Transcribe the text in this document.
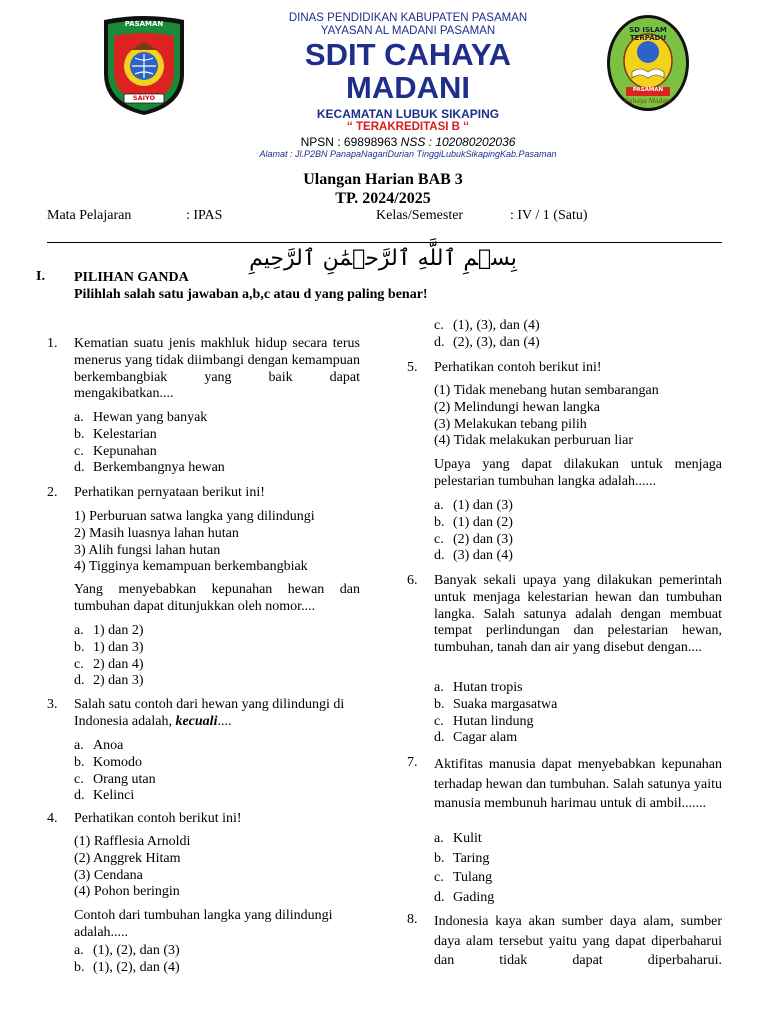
PASAMAN
SAIYO
SD ISLAM TERPADU
PASAMAN
Cahaya Madani
DINAS PENDIDIKAN KABUPATEN PASAMAN
YAYASAN AL MADANI PASAMAN
SDIT CAHAYA
MADANI
KECAMATAN LUBUK SIKAPING
‘‘ TERAKREDITASI B ‘‘
NPSN : 69898963 NSS : 102080202036
Alamat : Jl.P2BN PanapaNagariDurian TinggiLubukSikapingKab.Pasaman
Ulangan Harian BAB 3
TP. 2024/2025
Mata Pelajaran	: IPAS	Kelas/Semester	: IV / 1 (Satu)
بِسۡمِ ٱللَّهِ ٱلرَّحۡمَٰنِ ٱلرَّحِيمِ
I. PILIHAN GANDA
Pilihlah salah satu jawaban a,b,c atau d yang paling benar!
1.	Kematian suatu jenis makhluk hidup secara terus menerus yang tidak diimbangi dengan kemampuan berkembangbiak yang baik dapat mengakibatkan....
a. Hewan yang banyak
b. Kelestarian
c. Kepunahan
d. Berkembangnya hewan
2.	Perhatikan pernyataan berikut ini!
1) Perburuan satwa langka yang dilindungi
2) Masih luasnya lahan hutan
3) Alih fungsi lahan hutan
4) Tigginya kemampuan berkembangbiak
Yang menyebabkan kepunahan hewan dan tumbuhan dapat ditunjukkan oleh nomor....
a. 1) dan 2)
b. 1) dan 3)
c. 2) dan 4)
d. 2) dan 3)
3.	Salah satu contoh dari hewan yang dilindungi di Indonesia adalah, kecuali....
a. Anoa
b. Komodo
c. Orang utan
d. Kelinci
4.	Perhatikan contoh berikut ini!
(1) Rafflesia Arnoldi
(2) Anggrek Hitam
(3) Cendana
(4) Pohon beringin
Contoh dari tumbuhan langka yang dilindungi adalah.....
a. (1), (2), dan (3)
b. (1), (2), dan (4)
c. (1), (3), dan (4)
d. (2), (3), dan (4)
5.	Perhatikan contoh berikut ini!
(1) Tidak menebang hutan sembarangan
(2) Melindungi hewan langka
(3) Melakukan tebang pilih
(4) Tidak melakukan perburuan liar
Upaya yang dapat dilakukan untuk menjaga pelestarian tumbuhan langka adalah......
a. (1) dan (3)
b. (1) dan (2)
c. (2) dan (3)
d. (3) dan (4)
6.	Banyak sekali upaya yang dilakukan pemerintah untuk menjaga kelestarian hewan dan tumbuhan langka. Salah satunya adalah dengan membuat tempat perlindungan dan pelestarian hewan, tumbuhan, tanah dan air yang disebut dengan....
a. Hutan tropis
b. Suaka margasatwa
c. Hutan lindung
d. Cagar alam
7.	Aktifitas manusia dapat menyebabkan kepunahan terhadap hewan dan tumbuhan. Salah satunya yaitu manusia membunuh harimau untuk di ambil.......
a. Kulit
b. Taring
c. Tulang
d. Gading
8.	Indonesia kaya akan sumber daya alam, sumber daya alam tersebut yaitu yang dapat diperbaharui dan tidak dapat diperbaharui.
